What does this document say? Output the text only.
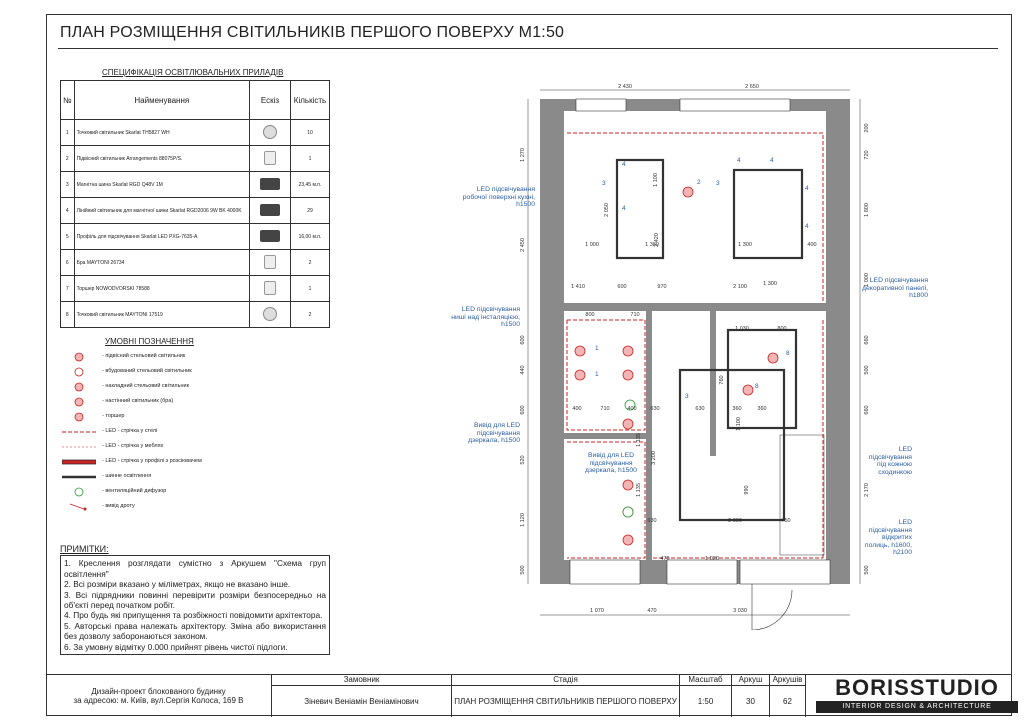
ПЛАН РОЗМІЩЕННЯ СВІТИЛЬНИКІВ ПЕРШОГО ПОВЕРХУ М1:50
СПЕЦИФІКАЦІЯ ОСВІТЛЮВАЛЬНИХ ПРИЛАДІВ
№	Найменування	Ескіз	Кількість
1	Точковий світильник Skarlat TH5827 WH		10
2	Підвісний світильник Arrangements 88075P/S.		1
3	Магнітна шина Skarlat RGD Q48V 1M		23,45 м.п.
4	Лінійний світильник для магнітної шини Skarlat RGD2006 9W BK 4000K		29
5	Профіль для підсвічування Skarlat LED PXG-7635-A		16,00 м.п.
6	Бра MAYTONI 26734		2
7	Торшер NOWODVORSKI 78588		1
8	Точковий світильник MAYTONI 17519		2
УМОВНІ ПОЗНАЧЕННЯ
- підвісний стельовий світильник
- вбудований стельовий світильник
- накладний стельовий світильник
- настінний світильник (бра)
- торшер
- LED - стрічка у стелі
- LED - стрічка у меблях
- LED - стрічка у профілі з розсіювачем
- шинне освітлення
- вентиляційний дифузор
- вивід дроту
ПРИМІТКИ:
1. Креслення розглядати сумістно з Аркушем "Схема груп освітлення"
2. Всі розміри вказано у міліметрах, якщо не вказано інше.
3. Всі підрядники повинні перевірити розміри безпосередньо на об'єкті перед початком робіт.
4. Про будь які припущення та розбіжності повідомити архітектора.
5. Авторські права належать архітектору. Зміна або використання без дозволу заборонаються законом.
6. За умовну відмітку 0.000 прийнят рівень чистої підлоги.
3
4
4
2 3
4	4
4
4
1
1
8
8
3
2 430	2 650
1 070	470	3 030
1 270
2 450
600
440
600
520
1 120
500
200
720
1 800
1 000
660
500
660
2 170
500
1 000	1 380	1 300	400
1 410	600	970	2 100
2 050
2 420
1 100
800	710
1 030	800
400	710	400	630	630	360	360
1 135
3 200
1 135
1 100
990
2 000	750
630
470	1 020
760
1 300
LED підсвічування робочої поверхні кухні, h1500
LED підсвічування ниші над інсталяцією, h1500
Вивід для LED підсвічування дзеркала, h1500
Вивід для LED підсвічування дзеркала, h1500
LED підсвічування декоративної панелі, h1800
LED підсвічування під кожною сходинкою
LED підсвічування відкритих полиць, h1600, h2100
Дизайн-проект блокованого будинку
за адресою: м. Київ, вул.Сергія Колоса, 169 В
Замовник
Зіневич Веніамін Веніамінович
Стадія
ПЛАН РОЗМІЩЕННЯ СВІТИЛЬНИКІВ ПЕРШОГО ПОВЕРХУ
Масштаб
1:50
Аркуш
30
Аркушів
62
BORISSTUDIO
INTERIOR DESIGN & ARCHITECTURE
